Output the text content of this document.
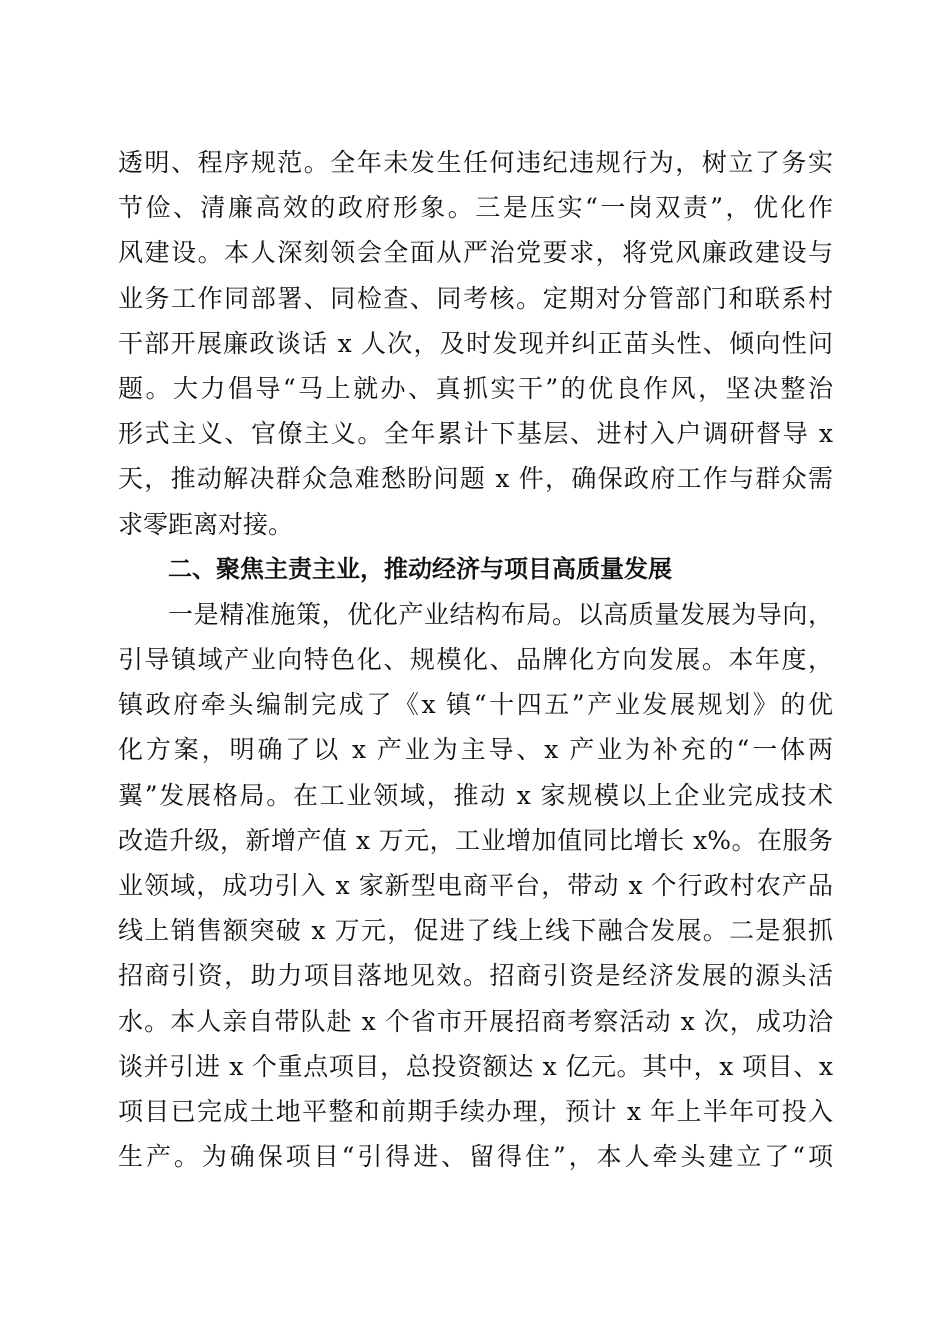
透明、程序规范。全年未发生任何违纪违规行为，树立了务实
节俭、清廉高效的政府形象。三是压实“一岗双责”，优化作
风建设。本人深刻领会全面从严治党要求，将党风廉政建设与
业务工作同部署、同检查、同考核。定期对分管部门和联系村
干部开展廉政谈话 x 人次，及时发现并纠正苗头性、倾向性问
题。大力倡导“马上就办、真抓实干”的优良作风，坚决整治
形式主义、官僚主义。全年累计下基层、进村入户调研督导 x
天，推动解决群众急难愁盼问题 x 件，确保政府工作与群众需
求零距离对接。
二、聚焦主责主业，推动经济与项目高质量发展
一是精准施策，优化产业结构布局。以高质量发展为导向，
引导镇域产业向特色化、规模化、品牌化方向发展。本年度，
镇政府牵头编制完成了《x 镇“十四五”产业发展规划》的优
化方案，明确了以 x 产业为主导、x 产业为补充的“一体两
翼”发展格局。在工业领域，推动 x 家规模以上企业完成技术
改造升级，新增产值 x 万元，工业增加值同比增长 x%。在服务
业领域，成功引入 x 家新型电商平台，带动 x 个行政村农产品
线上销售额突破 x 万元，促进了线上线下融合发展。二是狠抓
招商引资，助力项目落地见效。招商引资是经济发展的源头活
水。本人亲自带队赴 x 个省市开展招商考察活动 x 次，成功洽
谈并引进 x 个重点项目，总投资额达 x 亿元。其中，x 项目、x
项目已完成土地平整和前期手续办理，预计 x 年上半年可投入
生产。为确保项目“引得进、留得住”，本人牵头建立了“项
